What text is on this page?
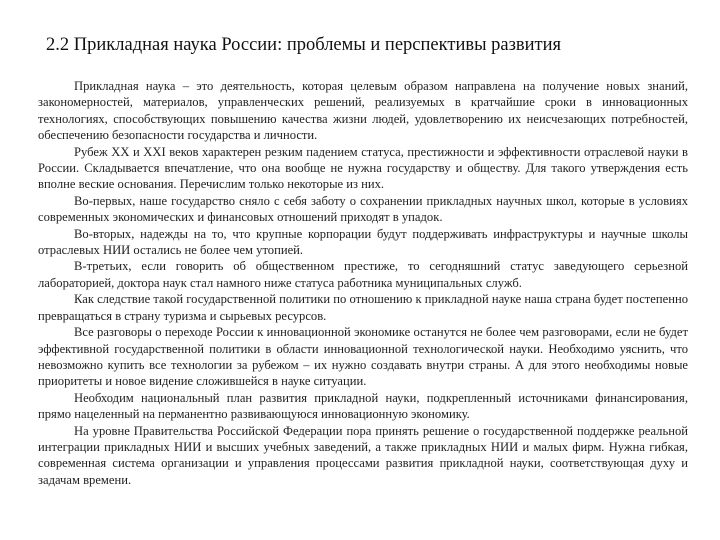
2.2 Прикладная наука России: проблемы и перспективы развития

Прикладная наука – это деятельность, которая целевым образом направлена на получение новых знаний, закономерностей, материалов, управленческих решений, реализуемых в кратчайшие сроки в инновационных технологиях, способствующих повышению качества жизни людей, удовлетворению их неисчезающих потребностей, обеспечению безопасности государства и личности.

Рубеж XX и XXI веков характерен резким падением статуса, престижности и эффективности отраслевой науки в России. Складывается впечатление, что она вообще не нужна государству и обществу. Для такого утверждения есть вполне веские основания. Перечислим только некоторые из них.

Во-первых, наше государство сняло с себя заботу о сохранении прикладных научных школ, которые в условиях современных экономических и финансовых отношений приходят в упадок.

Во-вторых, надежды на то, что крупные корпорации будут поддерживать инфраструктуры и научные школы отраслевых НИИ остались не более чем утопией.

В-третьих, если говорить об общественном престиже, то сегодняшний статус заведующего серьезной лабораторией, доктора наук стал намного ниже статуса работника муниципальных служб.

Как следствие такой государственной политики по отношению к прикладной науке наша страна будет постепенно превращаться в страну туризма и сырьевых ресурсов.

Все разговоры о переходе России к инновационной экономике останутся не более чем разговорами, если не будет эффективной государственной политики в области инновационной технологической науки. Необходимо уяснить, что невозможно купить все технологии за рубежом – их нужно создавать внутри страны. А для этого необходимы новые приоритеты и новое видение сложившейся в науке ситуации.

Необходим национальный план развития прикладной науки, подкрепленный источниками финансирования, прямо нацеленный на перманентно развивающуюся инновационную экономику.

На уровне Правительства Российской Федерации пора принять решение о государственной поддержке реальной интеграции прикладных НИИ и высших учебных заведений, а также прикладных НИИ и малых фирм. Нужна гибкая, современная система организации и управления процессами развития прикладной науки, соответствующая духу и задачам времени.
